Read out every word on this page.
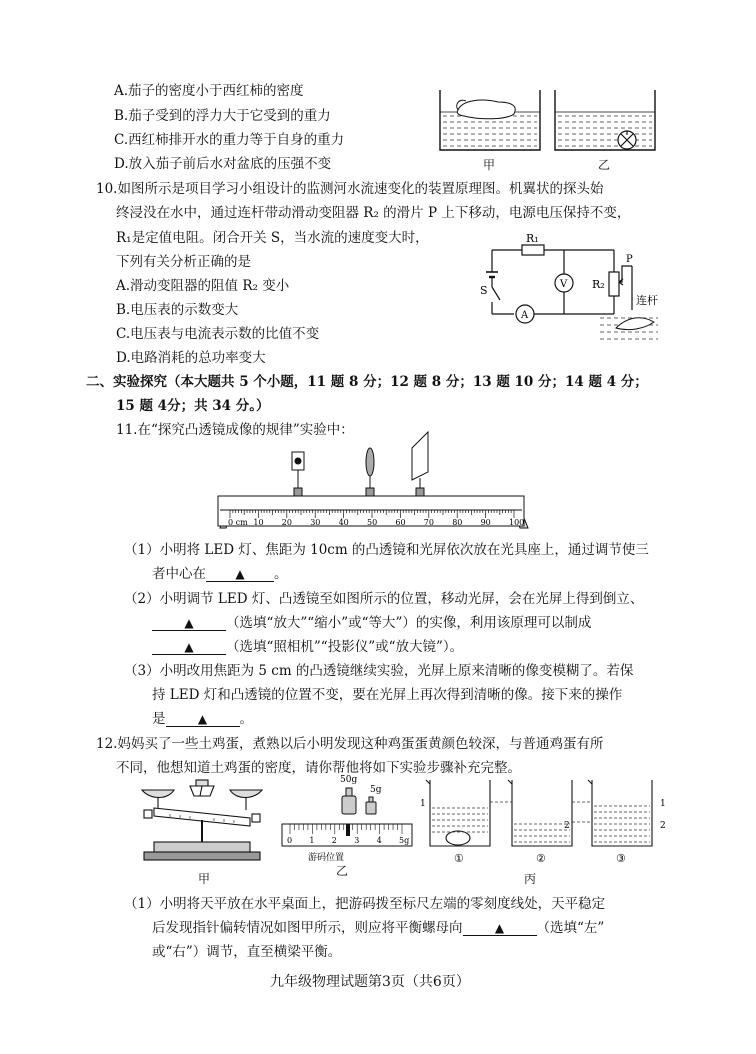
A.茄子的密度小于西红柿的密度
B.茄子受到的浮力大于它受到的重力
C.西红柿排开水的重力等于自身的重力
D.放入茄子前后水对盆底的压强不变	甲	乙
10.如图所示是项目学习小组设计的监测河水流速变化的装置原理图。机翼状的探头始
终浸没在水中，通过连杆带动滑动变阻器 R₂ 的滑片 P 上下移动，电源电压保持不变，
R₁是定值电阻。闭合开关 S，当水流的速度变大时，
下列有关分析正确的是
A.滑动变阻器的阻值 R₂ 变小
B.电压表的示数变大
C.电压表与电流表示数的比值不变
D.电路消耗的总功率变大
R₁
S	V
A
R₂
P
连杆
二、实验探究（本大题共 5 个小题，11 题 8 分；12 题 8 分；13 题 10 分；14 题 4 分；
15 题 4分；共 34 分。）
11.在“探究凸透镜成像的规律”实验中：
0 cm 10 20 30 40 50 60 70 80 90 100
（1）小明将 LED 灯、焦距为 10cm 的凸透镜和光屏依次放在光具座上，通过调节使三
者中心在 ▲ 。
（2）小明调节 LED 灯、凸透镜至如图所示的位置，移动光屏，会在光屏上得到倒立、
▲ （选填“放大”“缩小”或“等大”）的实像，利用该原理可以制成
▲ （选填“照相机”“投影仪”或“放大镜”）。
（3）小明改用焦距为 5 cm 的凸透镜继续实验，光屏上原来清晰的像变模糊了。若保
持 LED 灯和凸透镜的位置不变，要在光屏上再次得到清晰的像。接下来的操作
是	▲ 。
12.妈妈买了一些土鸡蛋，煮熟以后小明发现这种鸡蛋蛋黄颜色较深，与普通鸡蛋有所
不同，他想知道土鸡蛋的密度，请你帮他将如下实验步骤补充完整。
甲
50g
5g
0 1 2 3 4 5g
游码位置
乙
1
2
1
2
①	②	③
丙
（1）小明将天平放在水平桌面上，把游码拨至标尺左端的零刻度线处，天平稳定
后发现指针偏转情况如图甲所示，则应将平衡螺母向	▲ （选填“左”
或“右”）调节，直至横梁平衡。
九年级物理试题第3页（共6页）
